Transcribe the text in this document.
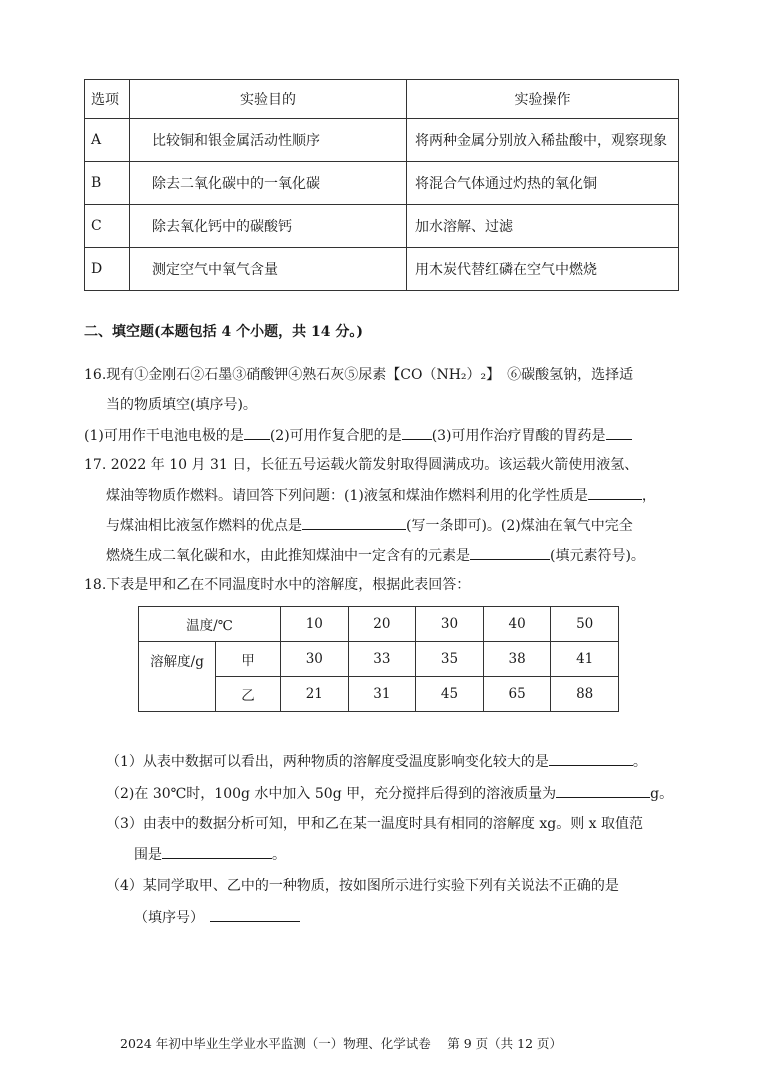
选项	实验目的	实验操作
A	比较铜和银金属活动性顺序	将两种金属分别放入稀盐酸中，观察现象
B	除去二氧化碳中的一氧化碳	将混合气体通过灼热的氧化铜
C	除去氧化钙中的碳酸钙	加水溶解、过滤
D	测定空气中氧气含量	用木炭代替红磷在空气中燃烧
二、填空题(本题包括 4 个小题，共 14 分。)
16.现有①金刚石②石墨③硝酸钾④熟石灰⑤尿素【CO（NH₂）₂】　⑥碳酸氢钠，选择适
当的物质填空(填序号)。
(1)可用作干电池电极的是 (2)可用作复合肥的是 (3)可用作治疗胃酸的胃药是
17. 2022 年 10 月 31 日，长征五号运载火箭发射取得圆满成功。该运载火箭使用液氢、
煤油等物质作燃料。请回答下列问题：(1)液氢和煤油作燃料利用的化学性质是	，
与煤油相比液氢作燃料的优点是	(写一条即可)。(2)煤油在氧气中完全
燃烧生成二氧化碳和水，由此推知煤油中一定含有的元素是	(填元素符号)。
18.下表是甲和乙在不同温度时水中的溶解度，根据此表回答：
温度/℃		10	20	30	40	50
溶解度/g	甲	30	33	35	38	41
	乙	21	31	45	65	88
（1）从表中数据可以看出，两种物质的溶解度受温度影响变化较大的是	。
（2)在 30℃时，100g 水中加入 50g 甲，充分搅拌后得到的溶液质量为	g。
（3）由表中的数据分析可知，甲和乙在某一温度时具有相同的溶解度 xg。则 x 取值范
围是	。
（4）某同学取甲、乙中的一种物质，按如图所示进行实验下列有关说法不正确的是
（填序号）
2024 年初中毕业生学业水平监测（一）物理、化学试卷　 第 9 页（共 12 页）
